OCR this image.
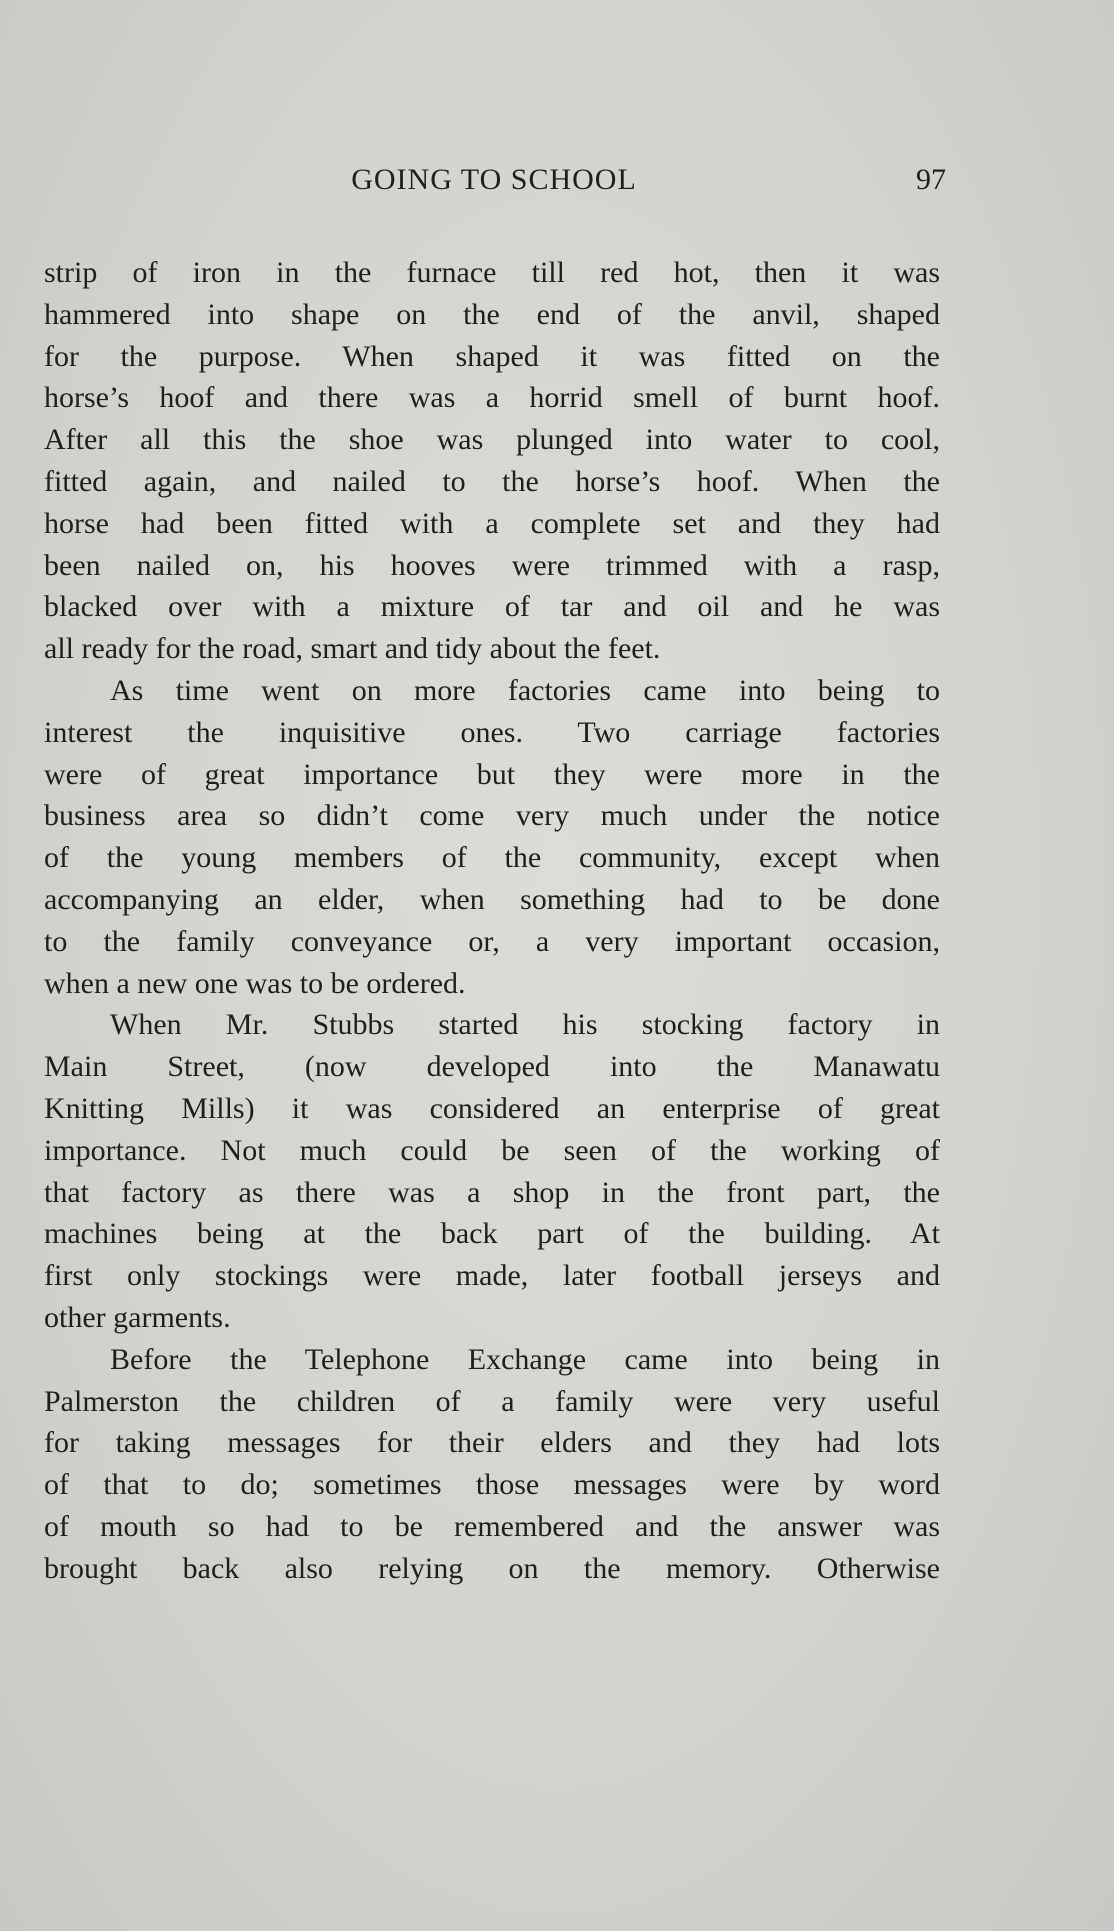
GOING TO SCHOOL	97
strip of iron in the furnace till red hot, then it was
hammered into shape on the end of the anvil, shaped
for the purpose. When shaped it was fitted on the
horse’s hoof and there was a horrid smell of burnt hoof.
After all this the shoe was plunged into water to cool,
fitted again, and nailed to the horse’s hoof. When the
horse had been fitted with a complete set and they had
been nailed on, his hooves were trimmed with a rasp,
blacked over with a mixture of tar and oil and he was
all ready for the road, smart and tidy about the feet.
As time went on more factories came into being to
interest the inquisitive ones. Two carriage factories
were of great importance but they were more in the
business area so didn’t come very much under the notice
of the young members of the community, except when
accompanying an elder, when something had to be done
to the family conveyance or, a very important occasion,
when a new one was to be ordered.
When Mr. Stubbs started his stocking factory in
Main Street, (now developed into the Manawatu
Knitting Mills) it was considered an enterprise of great
importance. Not much could be seen of the working of
that factory as there was a shop in the front part, the
machines being at the back part of the building. At
first only stockings were made, later football jerseys and
other garments.
Before the Telephone Exchange came into being in
Palmerston the children of a family were very useful
for taking messages for their elders and they had lots
of that to do; sometimes those messages were by word
of mouth so had to be remembered and the answer was
brought back also relying on the memory. Otherwise
